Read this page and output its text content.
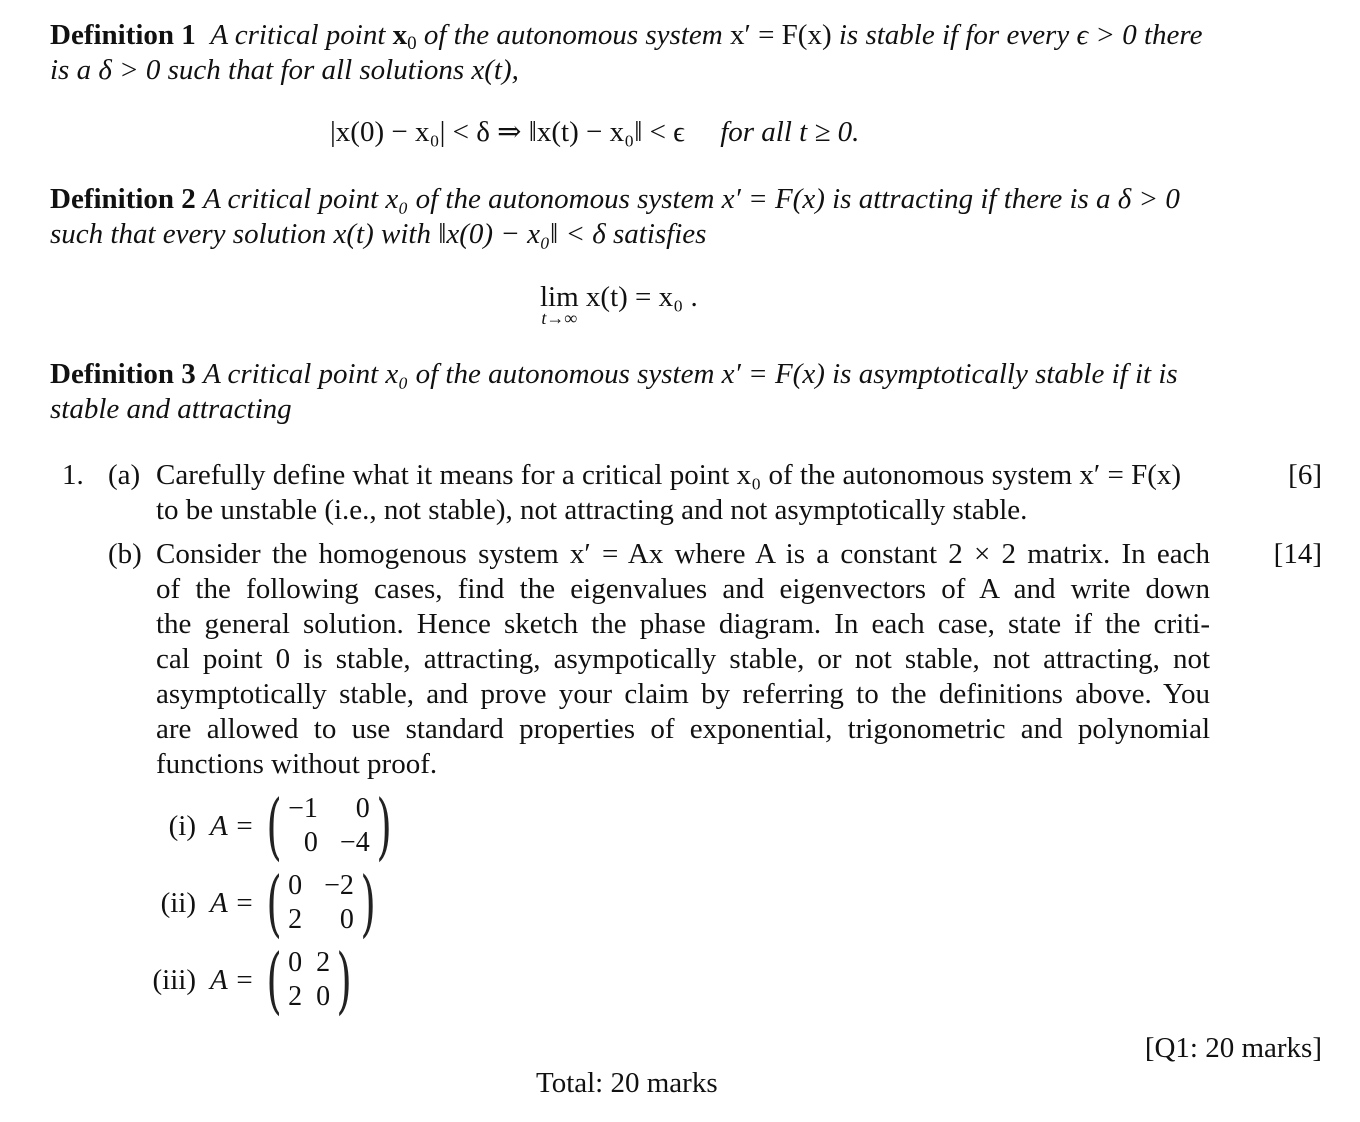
Definition 1 A critical point $x_0$ of the autonomous system x′ = F(x) is stable if for every ϵ > 0 there
is a δ > 0 such that for all solutions x(t),
|x(0) − x₀| < δ ⇒ ‖x(t) − x₀‖ < ϵ for all t ≥ 0.
Definition 2 A critical point x₀ of the autonomous system x′ = F(x) is attracting if there is a δ > 0
such that every solution x(t) with ‖x(0) − x₀‖ < δ satisfies
lim
t→∞
x(t) = x₀ .
Definition 3 A critical point x₀ of the autonomous system x′ = F(x) is asymptotically stable if it is
stable and attracting
1. (a) Carefully define what it means for a critical point x₀ of the autonomous system x′ = F(x)
to be unstable (i.e., not stable), not attracting and not asymptotically stable.
[6]
(b)	[14]
Consider the homogenous system x′ = Ax where A is a constant 2 × 2 matrix. In each
of the following cases, find the eigenvalues and eigenvectors of A and write down
the general solution. Hence sketch the phase diagram. In each case, state if the criti-
cal point 0 is stable, attracting, asympotically stable, or not stable, not attracting, not
asymptotically stable, and prove your claim by referring to the definitions above. You
are allowed to use standard properties of exponential, trigonometric and polynomial
functions without proof.
(i) A = ( −1	0
0 −4 )
(ii) A = ( 0 −2
2	0 )
(iii) A = ( 0 2
2 0 )
[Q1: 20 marks]
Total: 20 marks
